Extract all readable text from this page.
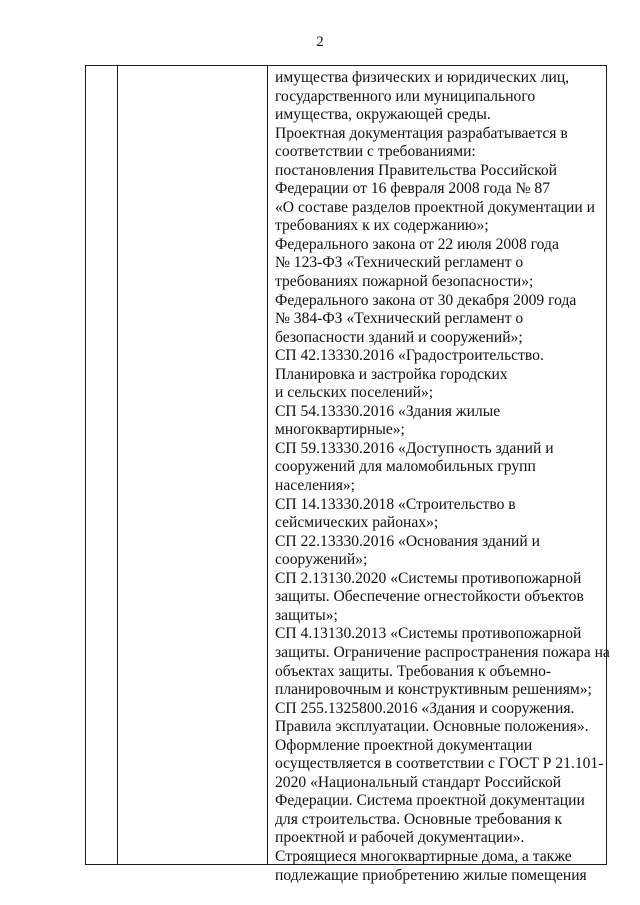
2
имущества физических и юридических лиц,
государственного или муниципального
имущества, окружающей среды.
Проектная документация разрабатывается в
соответствии с требованиями:
постановления Правительства Российской
Федерации от 16 февраля 2008 года № 87
«О составе разделов проектной документации и
требованиях к их содержанию»;
Федерального закона от 22 июля 2008 года
№ 123-ФЗ «Технический регламент о
требованиях пожарной безопасности»;
Федерального закона от 30 декабря 2009 года
№ 384-ФЗ «Технический регламент о
безопасности зданий и сооружений»;
СП 42.13330.2016 «Градостроительство.
Планировка и застройка городских
и сельских поселений»;
СП 54.13330.2016 «Здания жилые
многоквартирные»;
СП 59.13330.2016 «Доступность зданий и
сооружений для маломобильных групп
населения»;
СП 14.13330.2018 «Строительство в
сейсмических районах»;
СП 22.13330.2016 «Основания зданий и
сооружений»;
СП 2.13130.2020 «Системы противопожарной
защиты. Обеспечение огнестойкости объектов
защиты»;
СП 4.13130.2013 «Системы противопожарной
защиты. Ограничение распространения пожара на
объектах защиты. Требования к объемно-
планировочным и конструктивным решениям»;
СП 255.1325800.2016 «Здания и сооружения.
Правила эксплуатации. Основные положения».
Оформление проектной документации
осуществляется в соответствии с ГОСТ Р 21.101-
2020 «Национальный стандарт Российской
Федерации. Система проектной документации
для строительства. Основные требования к
проектной и рабочей документации».
Строящиеся многоквартирные дома, а также
подлежащие приобретению жилые помещения
